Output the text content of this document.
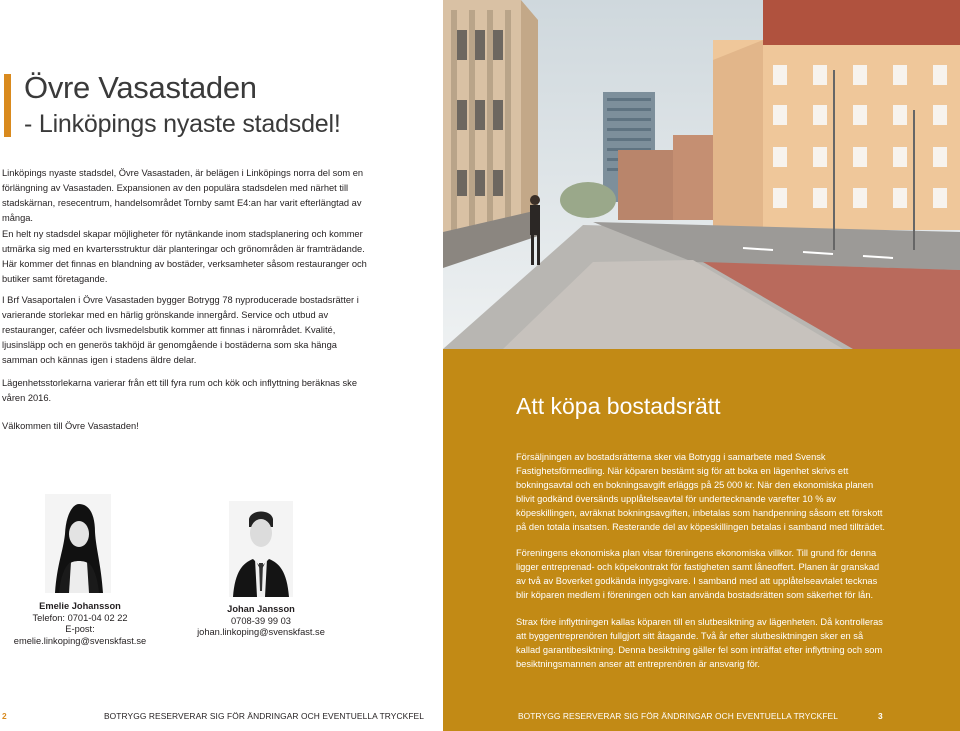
Övre Vasastaden
- Linköpings nyaste stadsdel!

Linköpings nyaste stadsdel, Övre Vasastaden, är belägen i Linköpings norra del som en förlängning av Vasastaden. Expansionen av den populära stadsdelen med närhet till stadskärnan, resecentrum, handelsområdet Tornby samt E4:an har varit efterlängtad av många.

En helt ny stadsdel skapar möjligheter för nytänkande inom stadsplanering och kommer utmärka sig med en kvartersstruktur där planteringar och grönområden är framträdande. Här kommer det finnas en blandning av bostäder, verksamheter såsom restauranger och butiker samt företagande.

I Brf Vasaportalen i Övre Vasastaden bygger Botrygg 78 nyproducerade bostadsrätter i varierande storlekar med en härlig grönskande innergård. Service och utbud av restauranger, caféer och livsmedelsbutik kommer att finnas i närområdet. Kvalité, ljusinsläpp och en generös takhöjd är genomgående i bostäderna som ska hänga samman och kännas igen i stadens äldre delar.

Lägenhetsstorlekarna varierar från ett till fyra rum och kök och inflyttning beräknas ske våren 2016.

Välkommen till Övre Vasastaden!

Emelie Johansson
Telefon: 0701-04 02 22
E-post: emelie.linkoping@svenskfast.se
Johan Jansson
0708-39 99 03
johan.linkoping@svenskfast.se
2	BOTRYGG RESERVERAR SIG FÖR ÄNDRINGAR OCH EVENTUELLA TRYCKFEL
Att köpa bostadsrätt

Försäljningen av bostadsrätterna sker via Botrygg i samarbete med Svensk Fastighetsförmedling. När köparen bestämt sig för att boka en lägenhet skrivs ett bokningsavtal och en bokningsavgift erläggs på 25 000 kr. När den ekonomiska planen blivit godkänd översänds upplåtelseavtal för undertecknande varefter 10 % av köpeskillingen, avräknat bokningsavgiften, inbetalas som handpenning såsom ett förskott på den totala insatsen. Resterande del av köpeskillingen betalas i samband med tillträdet.

Föreningens ekonomiska plan visar föreningens ekonomiska villkor. Till grund för denna ligger entreprenad- och köpekontrakt för fastigheten samt låneoffert. Planen är granskad av två av Boverket godkända intygsgivare. I samband med att upplåtelseavtalet tecknas blir köparen medlem i föreningen och kan använda bostadsrätten som säkerhet för lån.

Strax före inflyttningen kallas köparen till en slutbesiktning av lägenheten. Då kontrolleras att byggentreprenören fullgjort sitt åtagande. Två år efter slutbesiktningen sker en så kallad garantibesiktning. Denna besiktning gäller fel som inträffat efter inflyttning och som besiktningsmannen anser att entreprenören är ansvarig för.

BOTRYGG RESERVERAR SIG FÖR ÄNDRINGAR OCH EVENTUELLA TRYCKFEL	3
